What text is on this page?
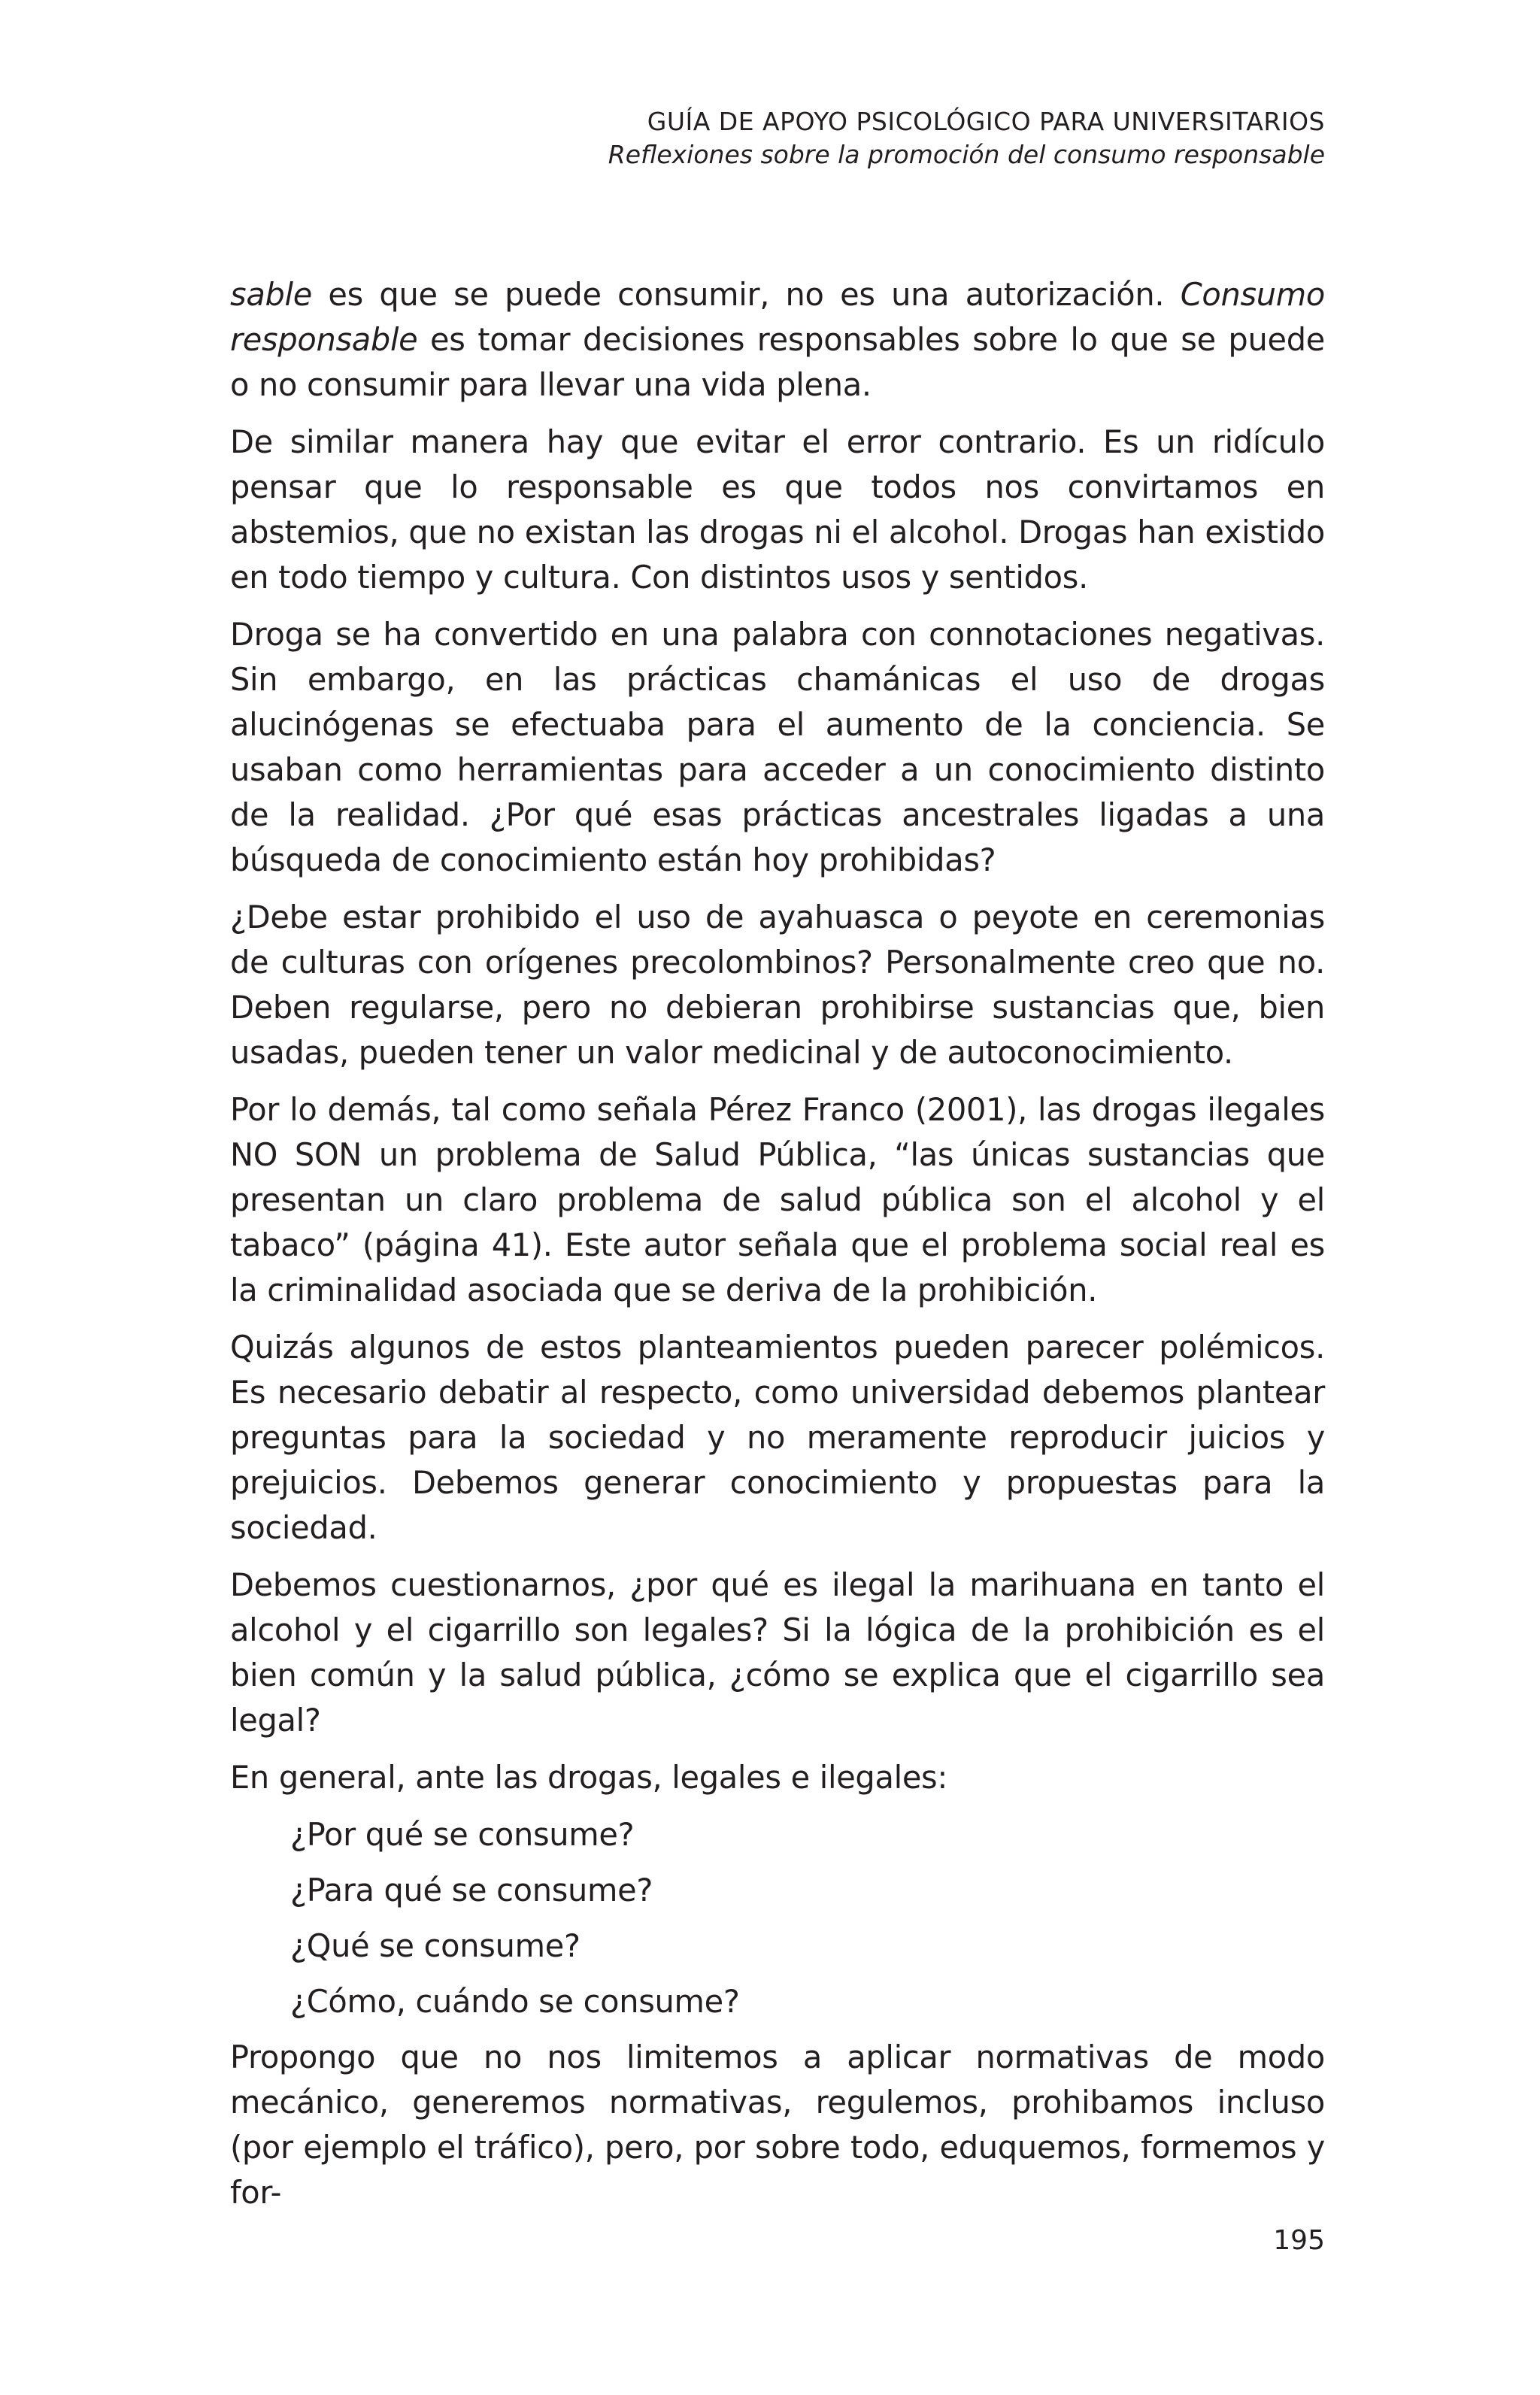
GUÍA DE APOYO PSICOLÓGICO PARA UNIVERSITARIOS
Reflexiones sobre la promoción del consumo responsable

sable es que se puede consumir, no es una autorización. Consumo responsable es tomar decisiones responsables sobre lo que se puede o no consumir para llevar una vida plena.

De similar manera hay que evitar el error contrario. Es un ridículo pensar que lo responsable es que todos nos convirtamos en abstemios, que no existan las drogas ni el alcohol. Drogas han existido en todo tiempo y cultura. Con distintos usos y sentidos.

Droga se ha convertido en una palabra con connotaciones negativas. Sin embargo, en las prácticas chamánicas el uso de drogas alucinógenas se efectuaba para el aumento de la conciencia. Se usaban como herramientas para acceder a un conocimiento distinto de la realidad. ¿Por qué esas prácticas ancestrales ligadas a una búsqueda de conocimiento están hoy prohibidas?

¿Debe estar prohibido el uso de ayahuasca o peyote en ceremonias de culturas con orígenes precolombinos? Personalmente creo que no. Deben regularse, pero no debieran prohibirse sustancias que, bien usadas, pueden tener un valor medicinal y de autoconocimiento.

Por lo demás, tal como señala Pérez Franco (2001), las drogas ilegales NO SON un problema de Salud Pública, “las únicas sustancias que presentan un claro problema de salud pública son el alcohol y el tabaco” (página 41). Este autor señala que el problema social real es la criminalidad asociada que se deriva de la prohibición.

Quizás algunos de estos planteamientos pueden parecer polémicos. Es necesario debatir al respecto, como universidad debemos plantear preguntas para la sociedad y no meramente reproducir juicios y prejuicios. Debemos generar conocimiento y propuestas para la sociedad.

Debemos cuestionarnos, ¿por qué es ilegal la marihuana en tanto el alcohol y el cigarrillo son legales? Si la lógica de la prohibición es el bien común y la salud pública, ¿cómo se explica que el cigarrillo sea legal?

En general, ante las drogas, legales e ilegales:

¿Por qué se consume?

¿Para qué se consume?

¿Qué se consume?

¿Cómo, cuándo se consume?

Propongo que no nos limitemos a aplicar normativas de modo mecánico, generemos normativas, regulemos, prohibamos incluso (por ejemplo el tráfico), pero, por sobre todo, eduquemos, formemos y for-

195
